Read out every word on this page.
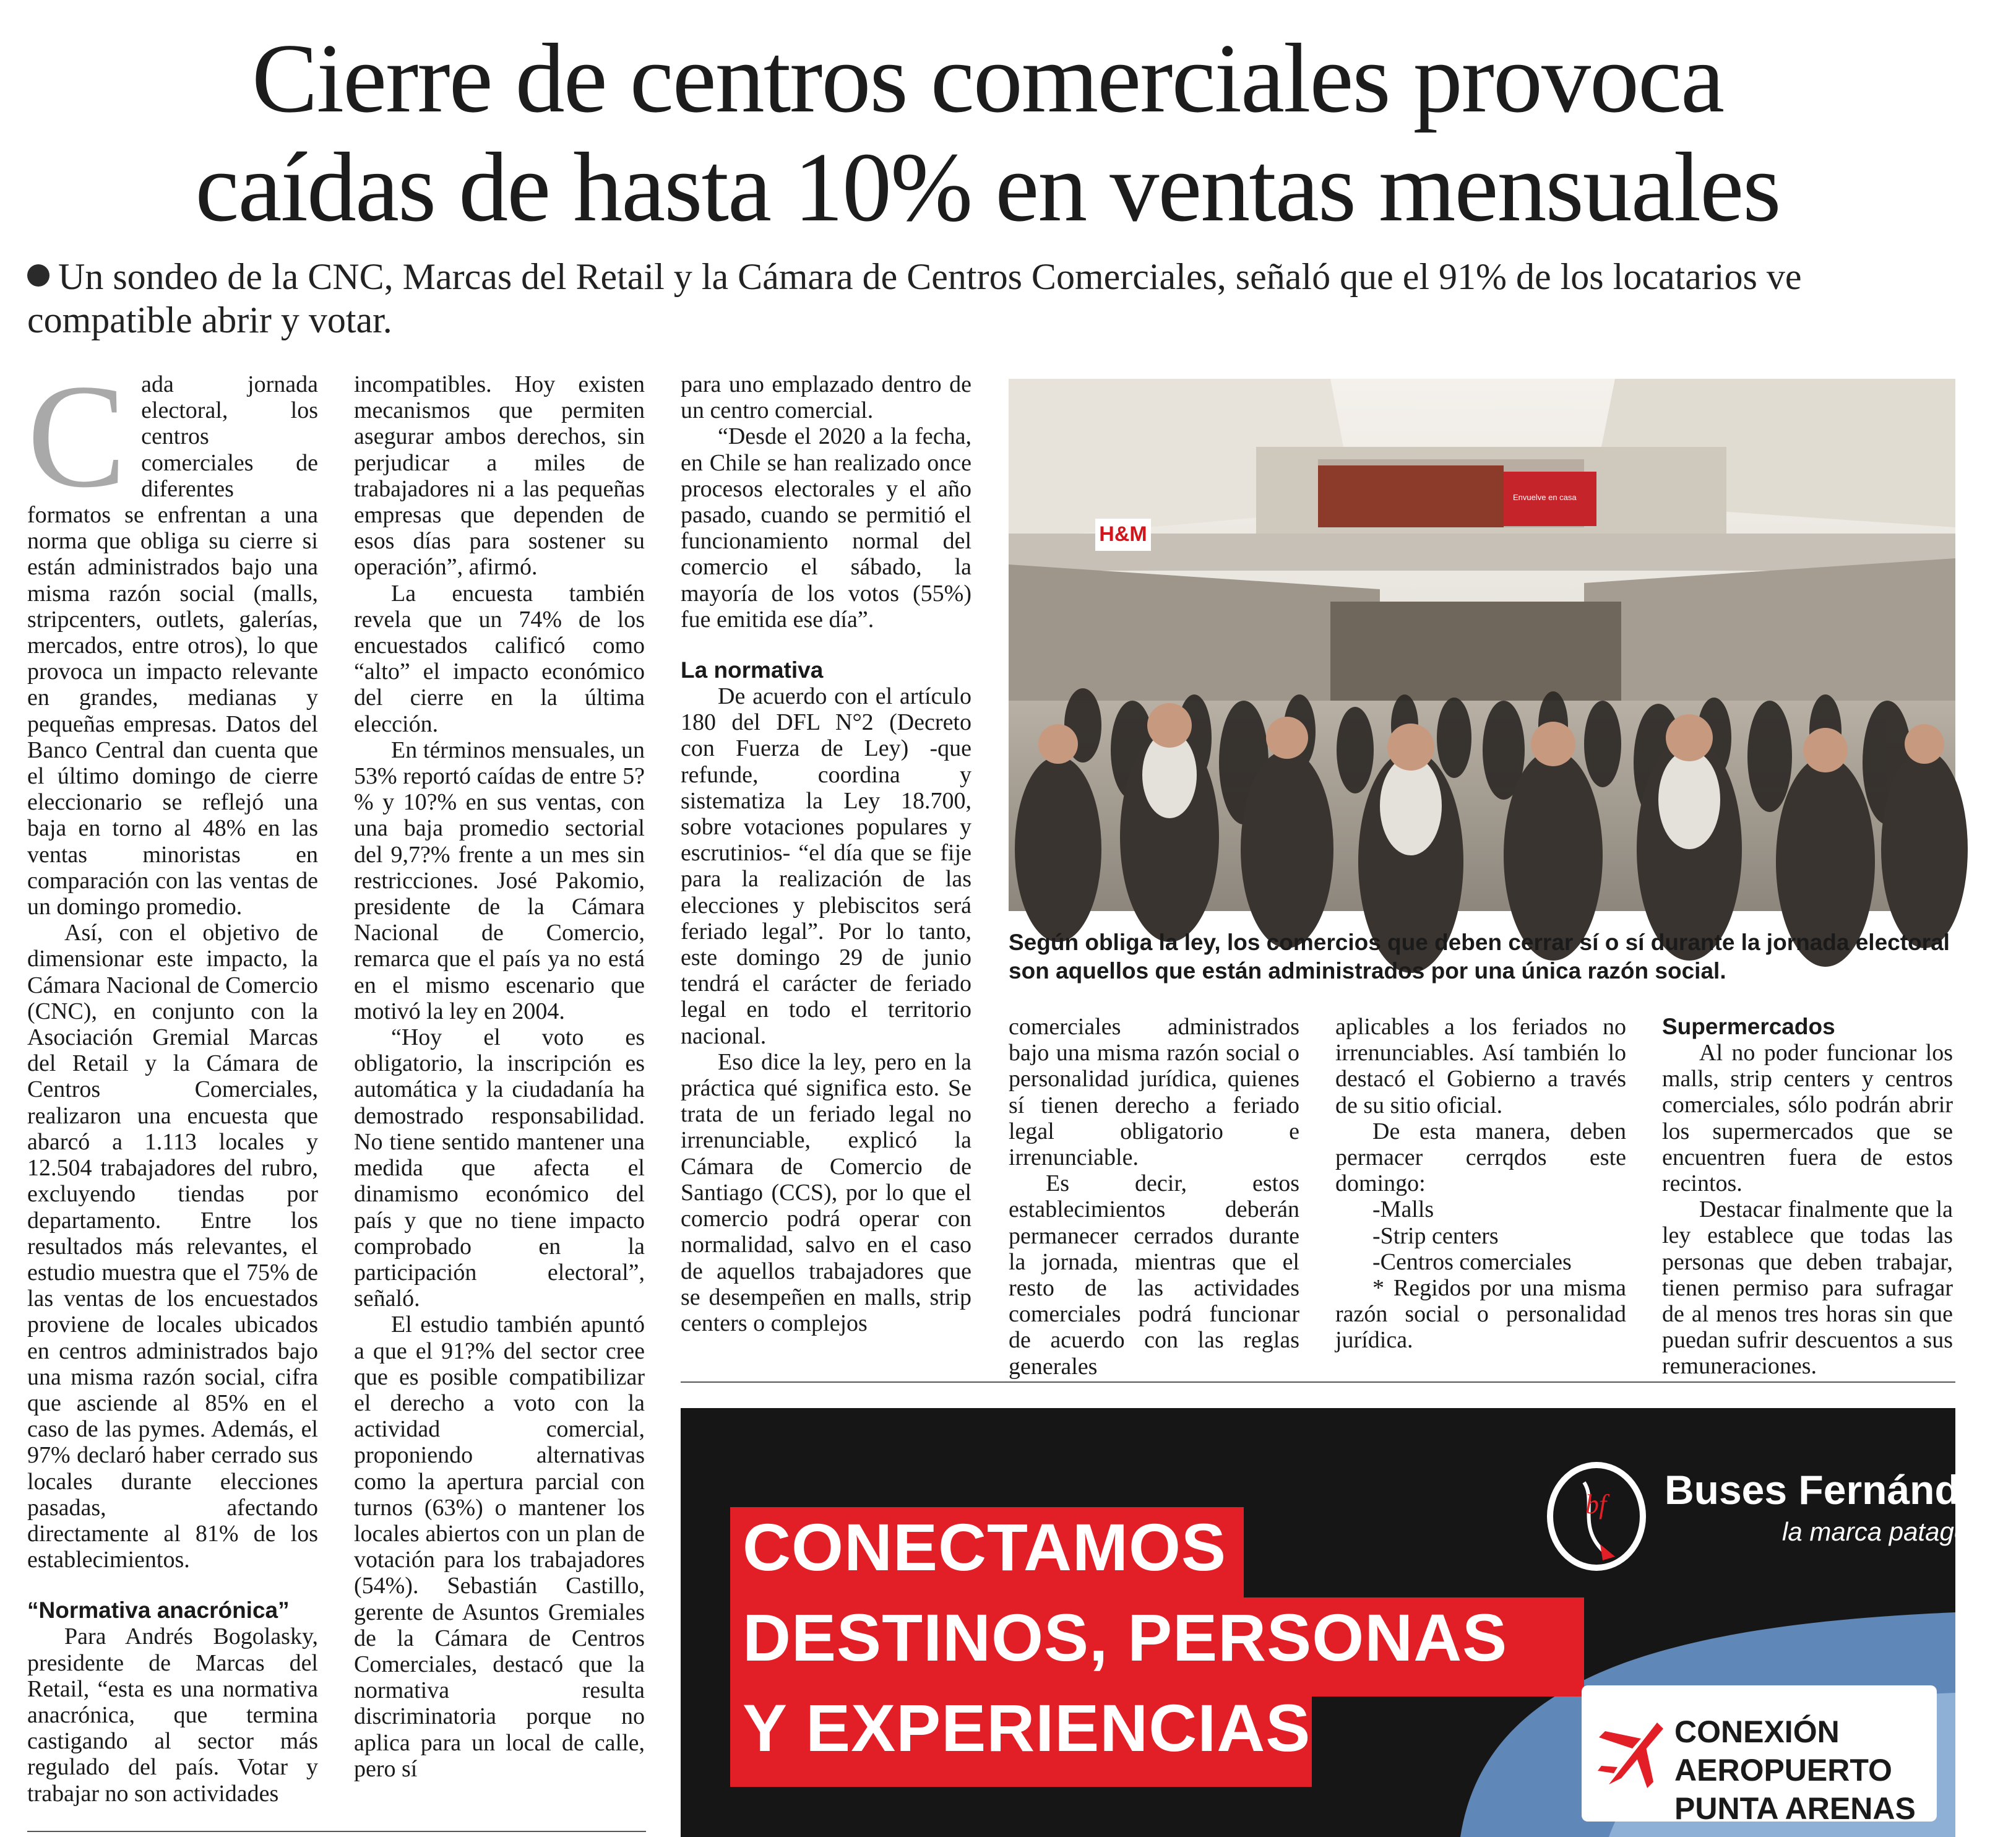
Cierre de centros comerciales provoca
caídas de hasta 10% en ventas mensuales

Un sondeo de la CNC, Marcas del Retail y la Cámara de Centros Comerciales, señaló que el 91% de los locatarios ve compatible abrir y votar.

C ada jornada electoral, los centros comerciales de diferentes formatos se enfrentan a una norma que obliga su cierre si están administrados bajo una misma razón social (malls, stripcenters, outlets, galerías, mercados, entre otros), lo que provoca un impacto relevante en grandes, medianas y pequeñas empresas. Datos del Banco Central dan cuenta que el último domingo de cierre eleccionario se reflejó una baja en torno al 48% en las ventas minoristas en comparación con las ventas de un domingo promedio.

Así, con el objetivo de dimensionar este impacto, la Cámara Nacional de Comercio (CNC), en conjunto con la Asociación Gremial Marcas del Retail y la Cámara de Centros Comerciales, realizaron una encuesta que abarcó a 1.113 locales y 12.504 trabajadores del rubro, excluyendo tiendas por departamento. Entre los resultados más relevantes, el estudio muestra que el 75% de las ventas de los encuestados proviene de locales ubicados en centros administrados bajo una misma razón social, cifra que asciende al 85% en el caso de las pymes. Además, el 97% declaró haber cerrado sus locales durante elecciones pasadas, afectando directamente al 81% de los establecimientos.

“Normativa anacrónica”

Para Andrés Bogolasky, presidente de Marcas del Retail, “esta es una normativa anacrónica, que termina castigando al sector más regulado del país. Votar y trabajar no son actividades

incompatibles. Hoy existen mecanismos que permiten asegurar ambos derechos, sin perjudicar a miles de trabajadores ni a las pequeñas empresas que dependen de esos días para sostener su operación”, afirmó.

La encuesta también revela que un 74% de los encuestados calificó como “alto” el impacto económico del cierre en la última elección.

En términos mensuales, un 53% reportó caídas de entre 5?% y 10?% en sus ventas, con una baja promedio sectorial del 9,7?% frente a un mes sin restricciones. José Pakomio, presidente de la Cámara Nacional de Comercio, remarca que el país ya no está en el mismo escenario que motivó la ley en 2004.

“Hoy el voto es obligatorio, la inscripción es automática y la ciudadanía ha demostrado responsabilidad. No tiene sentido mantener una medida que afecta el dinamismo económico del país y que no tiene impacto comprobado en la participación electoral”, señaló.

El estudio también apuntó a que el 91?% del sector cree que es posible compatibilizar el derecho a voto con la actividad comercial, proponiendo alternativas como la apertura parcial con turnos (63%) o mantener los locales abiertos con un plan de votación para los trabajadores (54%). Sebastián Castillo, gerente de Asuntos Gremiales de la Cámara de Centros Comerciales, destacó que la normativa resulta discriminatoria porque no aplica para un local de calle, pero sí

para uno emplazado dentro de un centro comercial.

“Desde el 2020 a la fecha, en Chile se han realizado once procesos electorales y el año pasado, cuando se permitió el funcionamiento normal del comercio el sábado, la mayoría de los votos (55%) fue emitida ese día”.

La normativa

De acuerdo con el artículo 180 del DFL N°2 (Decreto con Fuerza de Ley) -que refunde, coordina y sistematiza la Ley 18.700, sobre votaciones populares y escrutinios- “el día que se fije para la realización de las elecciones y plebiscitos será feriado legal”. Por lo tanto, este domingo 29 de junio tendrá el carácter de feriado legal en todo el territorio nacional.

Eso dice la ley, pero en la práctica qué significa esto. Se trata de un feriado legal no irrenunciable, explicó la Cámara de Comercio de Santiago (CCS), por lo que el comercio podrá operar con normalidad, salvo en el caso de aquellos trabajadores que se desempeñen en malls, strip centers o complejos

H&M
Envuelve en casa

Según obliga la ley, los comercios que deben cerrar sí o sí durante la jornada electoral son aquellos que están administrados por una única razón social.

comerciales administrados bajo una misma razón social o personalidad jurídica, quienes sí tienen derecho a feriado legal obligatorio e irrenunciable.

Es decir, estos establecimientos deberán permanecer cerrados durante la jornada, mientras que el resto de las actividades comerciales podrá funcionar de acuerdo con las reglas generales

aplicables a los feriados no irrenunciables. Así también lo destacó el Gobierno a través de su sitio oficial.

De esta manera, deben permacer cerrqdos este domingo:

-Malls
-Strip centers
-Centros comerciales

* Regidos por una misma razón social o personalidad jurídica.

Supermercados

Al no poder funcionar los malls, strip centers y centros comerciales, sólo podrán abrir los supermercados que se encuentren fuera de estos recintos.

Destacar finalmente que la ley establece que todas las personas que deben trabajar, tienen permiso para sufragar de al menos tres horas sin que puedan sufrir descuentos a sus remuneraciones.

CONECTAMOS
DESTINOS, PERSONAS
Y EXPERIENCIAS
bf Buses Fernández
la marca patagónica

CONEXIÓN AEROPUERTO
PUNTA ARENAS
